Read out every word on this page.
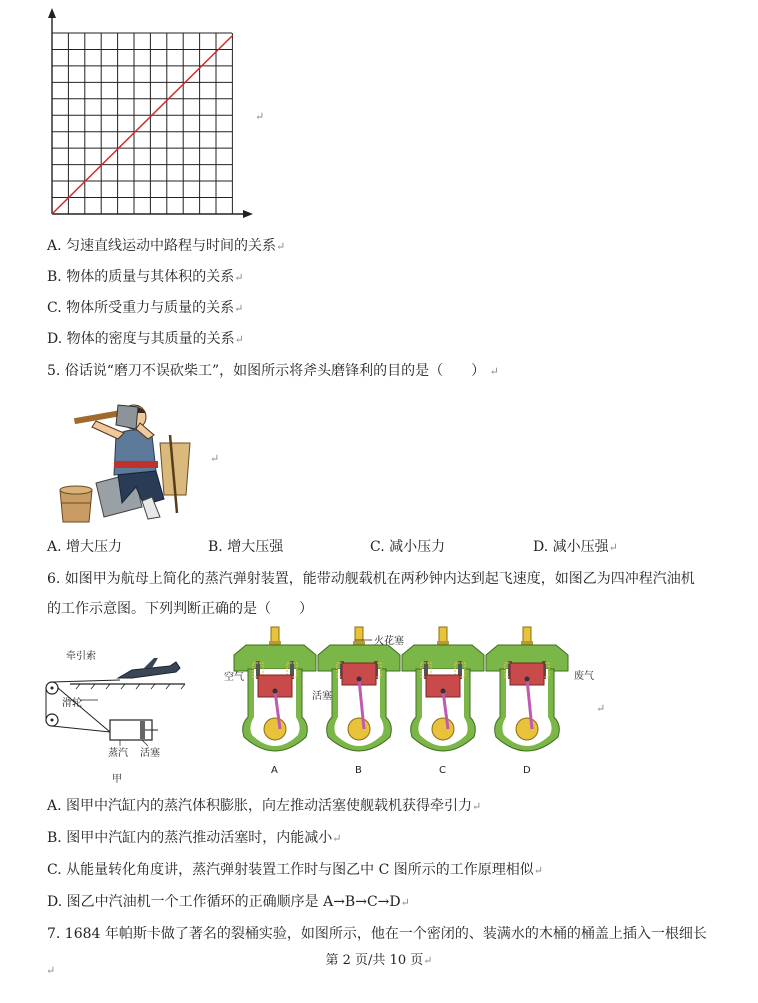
↵
A. 匀速直线运动中路程与时间的关系↵
B. 物体的质量与其体积的关系↵
C. 物体所受重力与质量的关系↵
D. 物体的密度与其质量的关系↵
5. 俗话说“磨刀不误砍柴工”，如图所示将斧头磨锋利的目的是（　　） ↵
↵
A. 增大压力	B. 增大压强	C. 减小压力	D. 减小压强↵
6. 如图甲为航母上简化的蒸汽弹射装置，能带动舰载机在两秒钟内达到起飞速度，如图乙为四冲程汽油机
的工作示意图。下列判断正确的是（　　）
牵引索
滑轮
蒸汽 活塞
甲
A	B	C	D
火花塞
空气
活塞
废气
↵
A. 图甲中汽缸内的蒸汽体积膨胀，向左推动活塞使舰载机获得牵引力↵
B. 图甲中汽缸内的蒸汽推动活塞时，内能减小↵
C. 从能量转化角度讲，蒸汽弹射装置工作时与图乙中 C 图所示的工作原理相似↵
D. 图乙中汽油机一个工作循环的正确顺序是 A→B→C→D↵
7. 1684 年帕斯卡做了著名的裂桶实验，如图所示，他在一个密闭的、装满水的木桶的桶盖上插入一根细长
第 2 页/共 10 页↵
↵
